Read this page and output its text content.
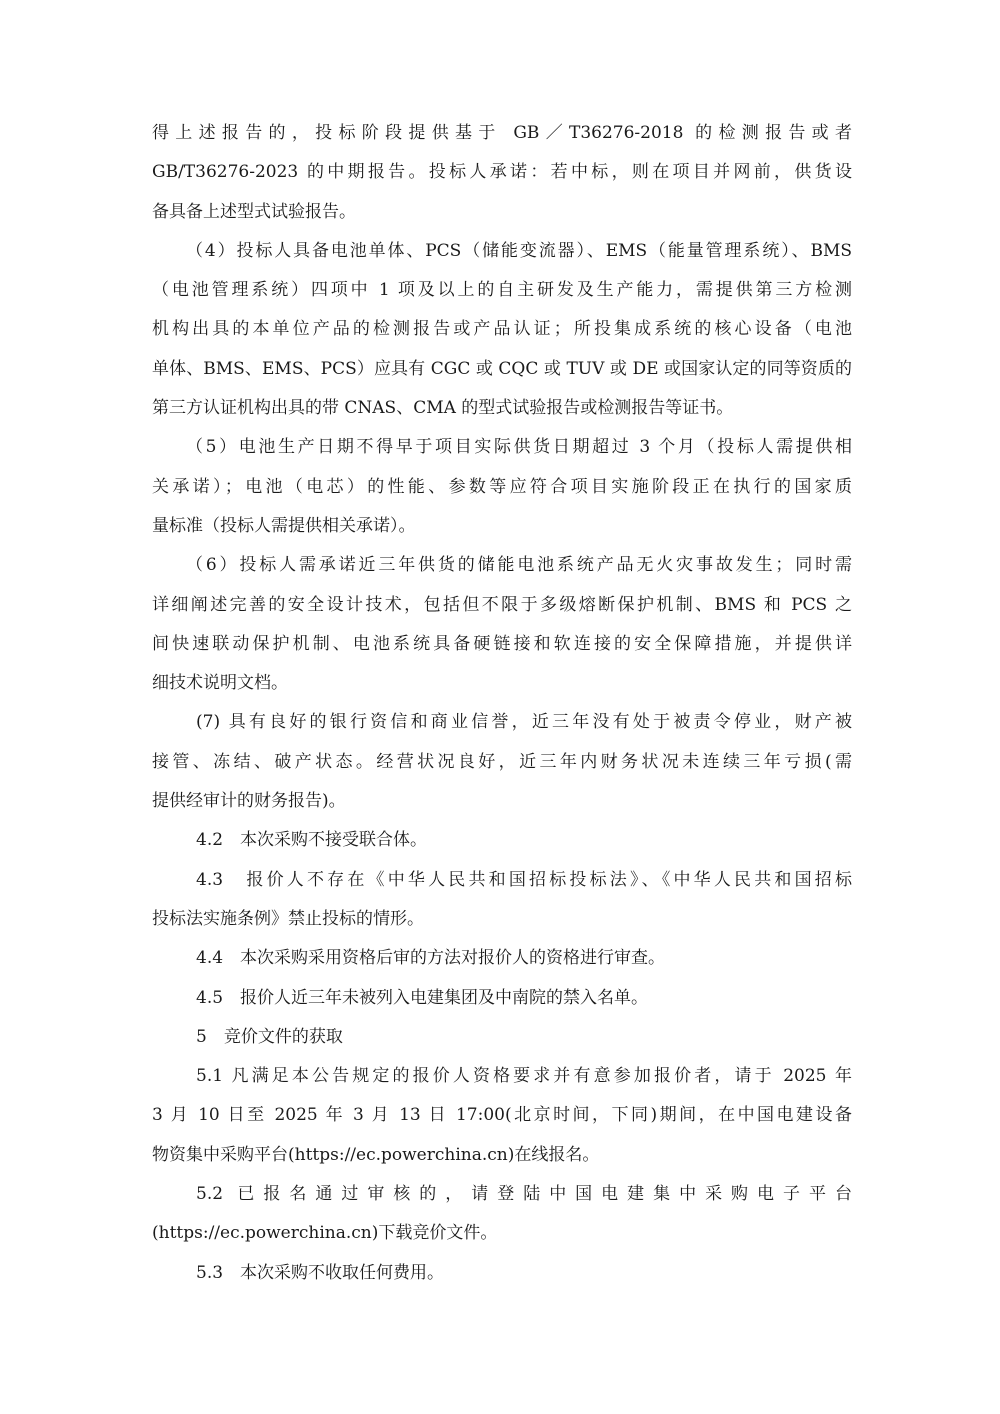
得上述报告的，投标阶段提供基于 GB／T36276-2018 的检测报告或者
GB/T36276-2023 的中期报告。投标人承诺：若中标，则在项目并网前，供货设
备具备上述型式试验报告。
（4）投标人具备电池单体、PCS（储能变流器）、EMS（能量管理系统）、BMS
（电池管理系统）四项中 1 项及以上的自主研发及生产能力，需提供第三方检测
机构出具的本单位产品的检测报告或产品认证；所投集成系统的核心设备（电池
单体、BMS、EMS、PCS）应具有 CGC 或 CQC 或 TUV 或 DE 或国家认定的同等资质的
第三方认证机构出具的带 CNAS、CMA 的型式试验报告或检测报告等证书。
（5）电池生产日期不得早于项目实际供货日期超过 3 个月（投标人需提供相
关承诺）；电池（电芯）的性能、参数等应符合项目实施阶段正在执行的国家质
量标准（投标人需提供相关承诺）。
（6）投标人需承诺近三年供货的储能电池系统产品无火灾事故发生；同时需
详细阐述完善的安全设计技术，包括但不限于多级熔断保护机制、BMS 和 PCS 之
间快速联动保护机制、电池系统具备硬链接和软连接的安全保障措施，并提供详
细技术说明文档。
(7) 具有良好的银行资信和商业信誉，近三年没有处于被责令停业，财产被
接管、冻结、破产状态。经营状况良好，近三年内财务状况未连续三年亏损(需
提供经审计的财务报告)。
4.2　本次采购不接受联合体。
4.3　报价人不存在《中华人民共和国招标投标法》、《中华人民共和国招标
投标法实施条例》禁止投标的情形。
4.4　本次采购采用资格后审的方法对报价人的资格进行审查。
4.5　报价人近三年未被列入电建集团及中南院的禁入名单。
5　竞价文件的获取
5.1 凡满足本公告规定的报价人资格要求并有意参加报价者，请于 2025 年
3 月 10 日至 2025 年 3 月 13 日 17:00(北京时间，下同)期间，在中国电建设备
物资集中采购平台(https://ec.powerchina.cn)在线报名。
5.2 已报名通过审核的，请登陆中国电建集中采购电子平台
(https://ec.powerchina.cn)下载竞价文件。
5.3　本次采购不收取任何费用。
